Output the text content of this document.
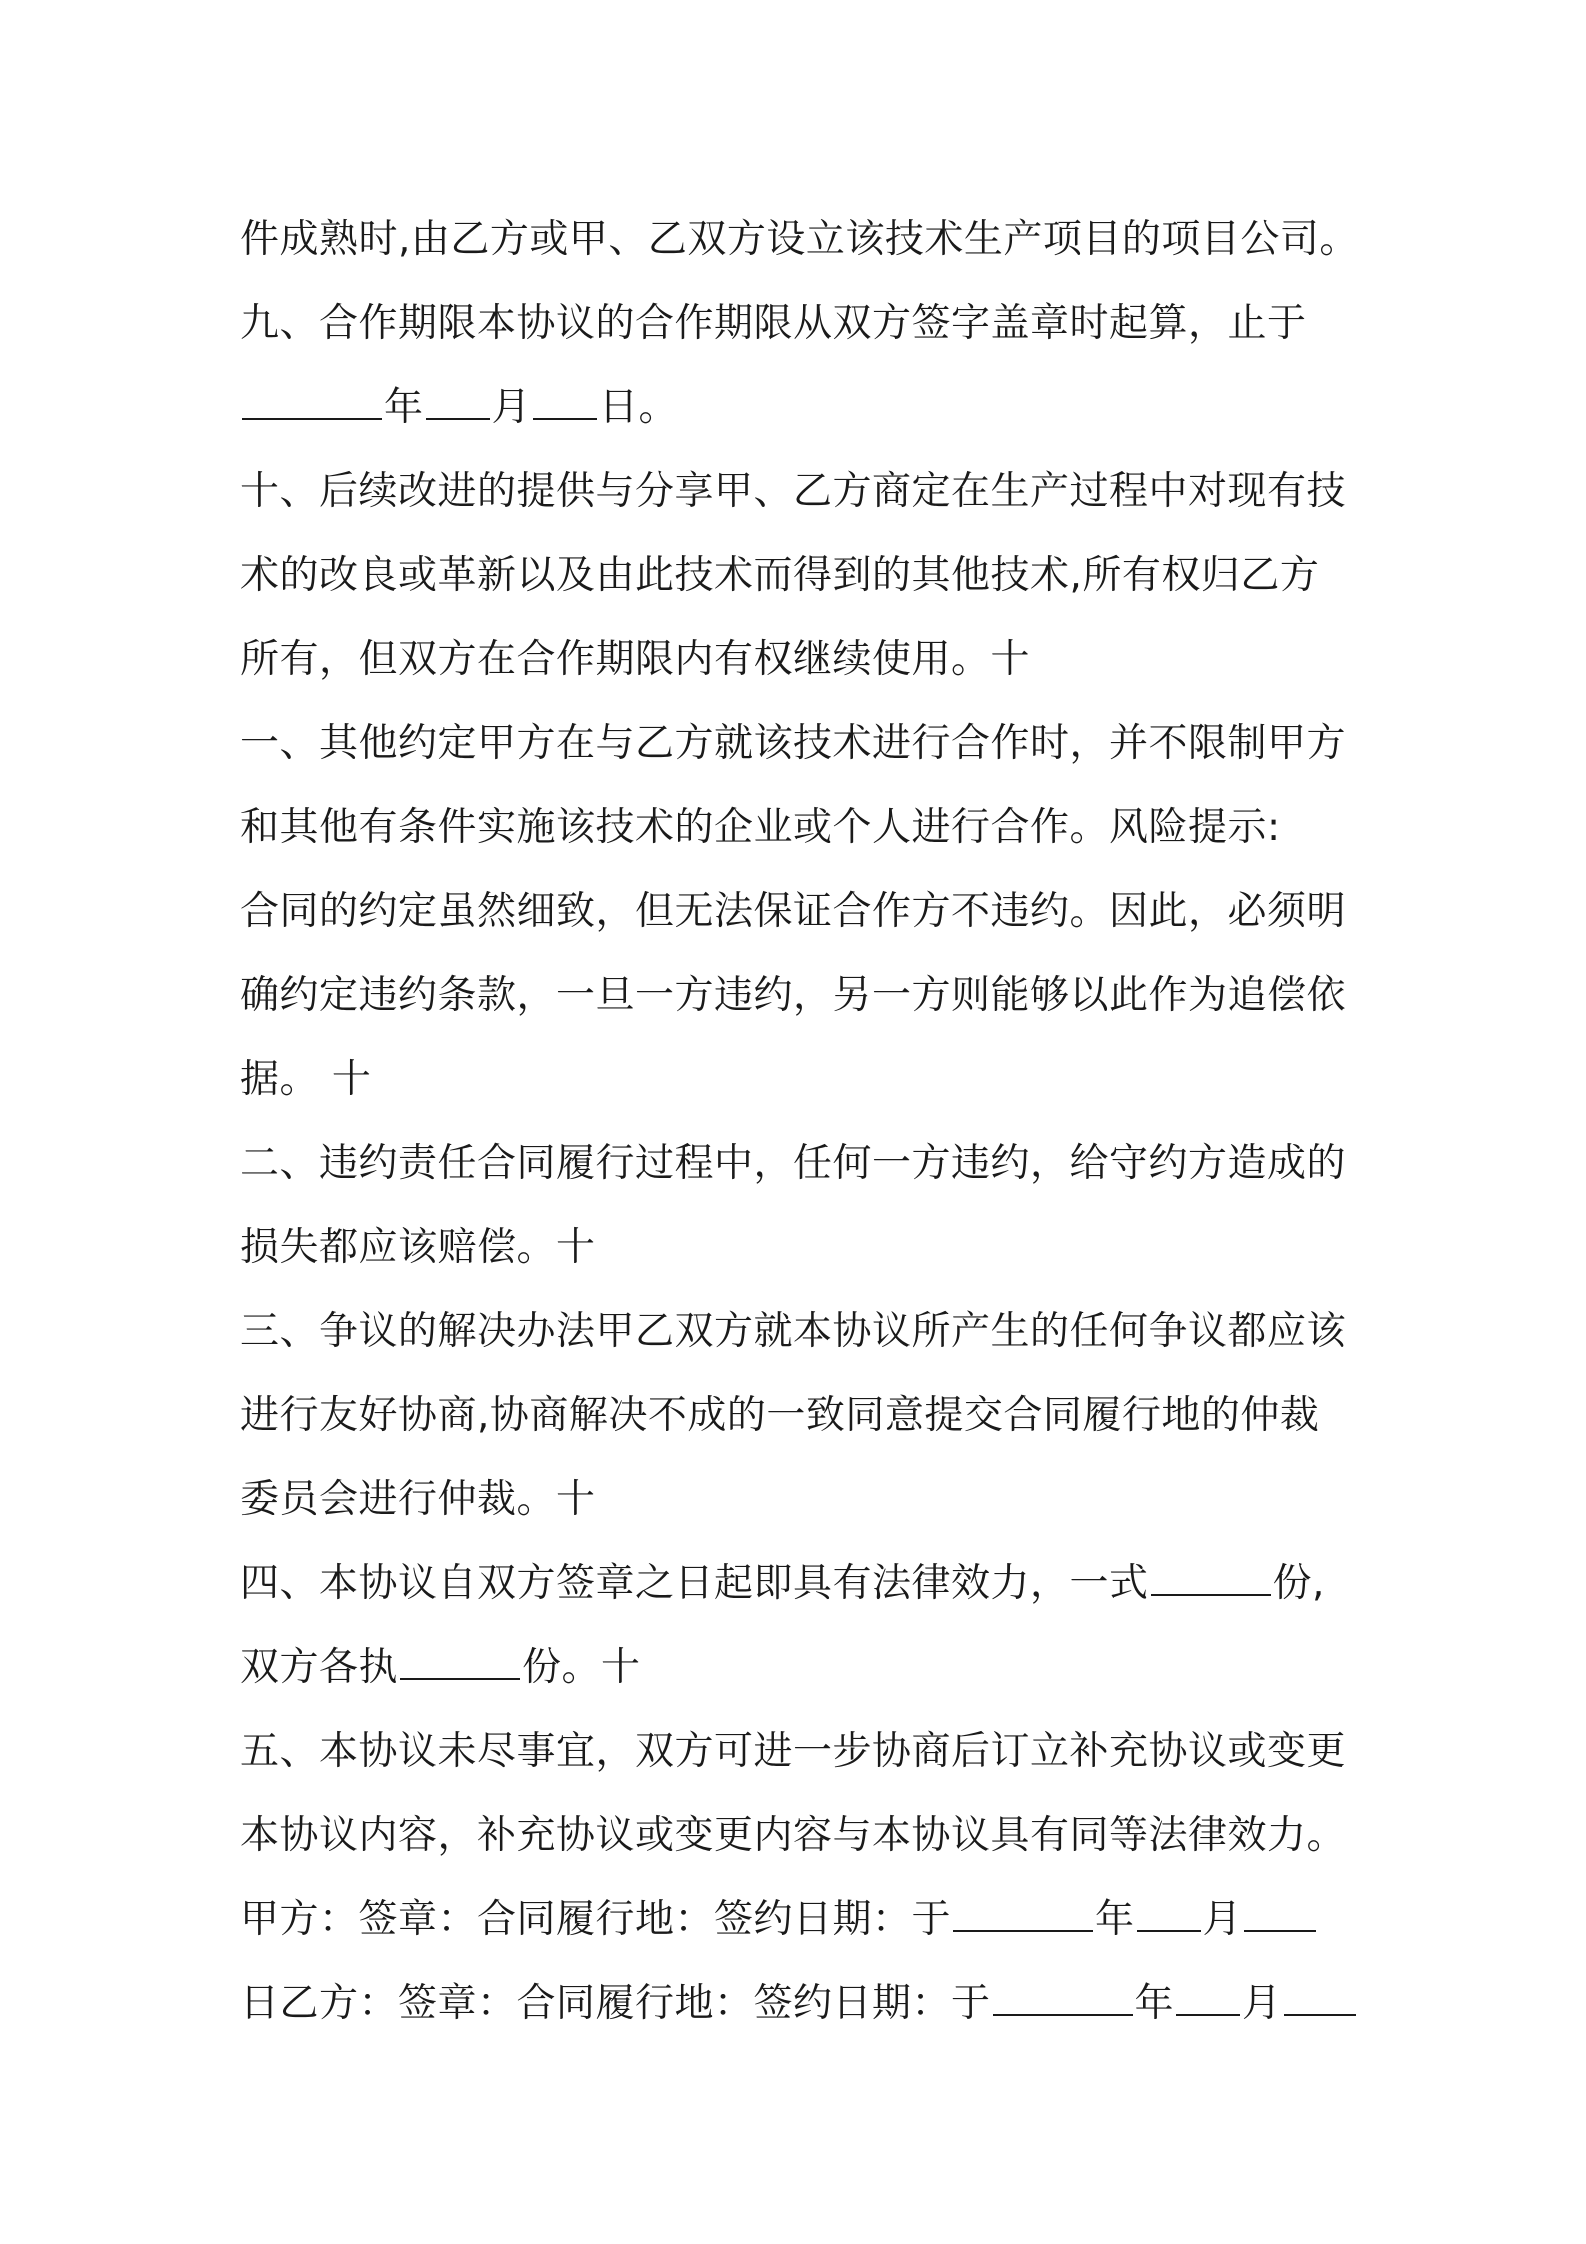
件成熟时,由乙方或甲、乙双方设立该技术生产项目的项目公司。
九、合作期限本协议的合作期限从双方签字盖章时起算，止于
年 月 日。
十、后续改进的提供与分享甲、乙方商定在生产过程中对现有技
术的改良或革新以及由此技术而得到的其他技术,所有权归乙方
所有，但双方在合作期限内有权继续使用。十
一、其他约定甲方在与乙方就该技术进行合作时，并不限制甲方
和其他有条件实施该技术的企业或个人进行合作。风险提示:
合同的约定虽然细致，但无法保证合作方不违约。因此，必须明
确约定违约条款，一旦一方违约，另一方则能够以此作为追偿依
据。 十
二、违约责任合同履行过程中，任何一方违约，给守约方造成的
损失都应该赔偿。十
三、争议的解决办法甲乙双方就本协议所产生的任何争议都应该
进行友好协商,协商解决不成的一致同意提交合同履行地的仲裁
委员会进行仲裁。十
四、本协议自双方签章之日起即具有法律效力，一式	份,
双方各执	份。十
五、本协议未尽事宜，双方可进一步协商后订立补充协议或变更
本协议内容，补充协议或变更内容与本协议具有同等法律效力。
甲方：签章：合同履行地：签约日期：于	年 月
日乙方：签章：合同履行地：签约日期：于	年 月
